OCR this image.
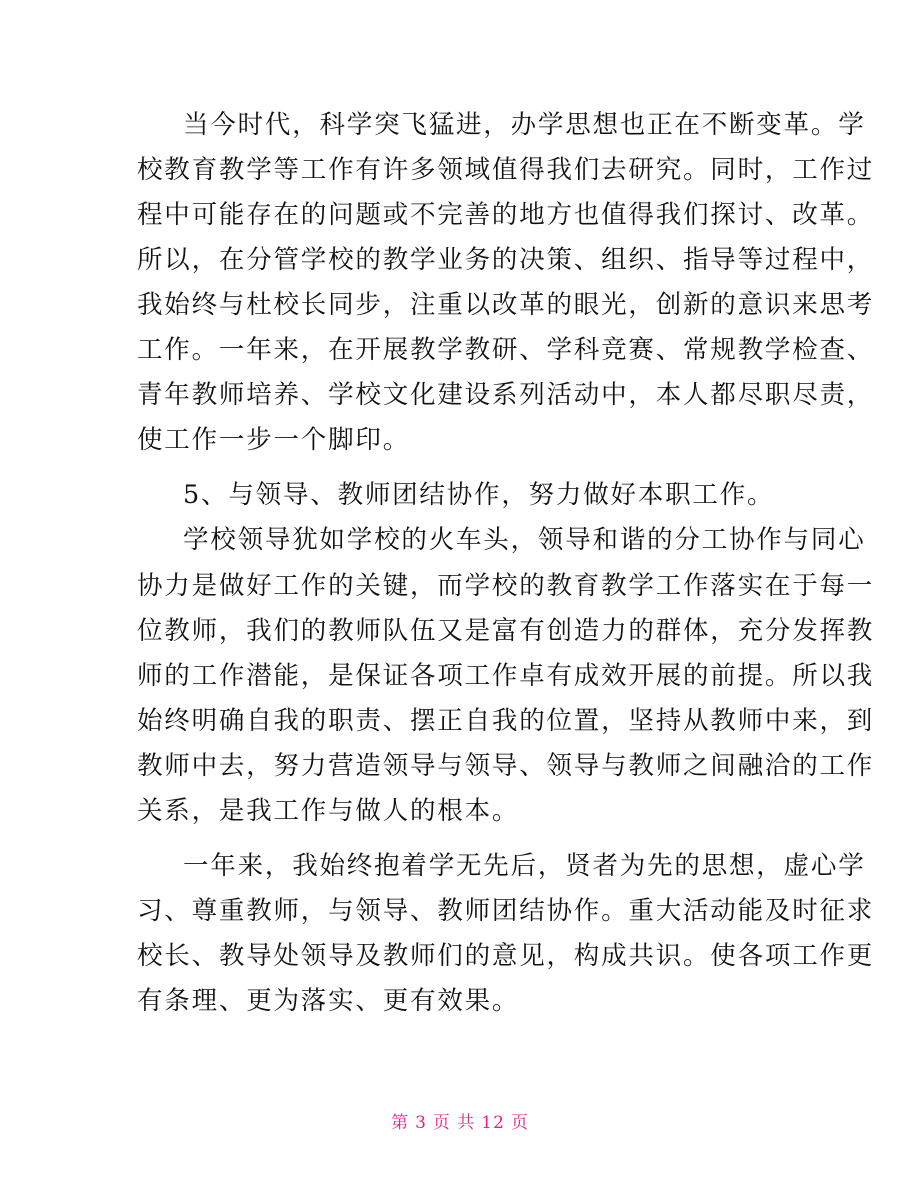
当今时代，科学突飞猛进，办学思想也正在不断变革。学
校教育教学等工作有许多领域值得我们去研究。同时，工作过
程中可能存在的问题或不完善的地方也值得我们探讨、改革。
所以，在分管学校的教学业务的决策、组织、指导等过程中，
我始终与杜校长同步，注重以改革的眼光，创新的意识来思考
工作。一年来，在开展教学教研、学科竞赛、常规教学检查、
青年教师培养、学校文化建设系列活动中，本人都尽职尽责，
使工作一步一个脚印。
5、与领导、教师团结协作，努力做好本职工作。
学校领导犹如学校的火车头，领导和谐的分工协作与同心
协力是做好工作的关键，而学校的教育教学工作落实在于每一
位教师，我们的教师队伍又是富有创造力的群体，充分发挥教
师的工作潜能，是保证各项工作卓有成效开展的前提。所以我
始终明确自我的职责、摆正自我的位置，坚持从教师中来，到
教师中去，努力营造领导与领导、领导与教师之间融洽的工作
关系，是我工作与做人的根本。
一年来，我始终抱着学无先后，贤者为先的思想，虚心学
习、尊重教师，与领导、教师团结协作。重大活动能及时征求
校长、教导处领导及教师们的意见，构成共识。使各项工作更
有条理、更为落实、更有效果。
第 3 页 共 12 页
